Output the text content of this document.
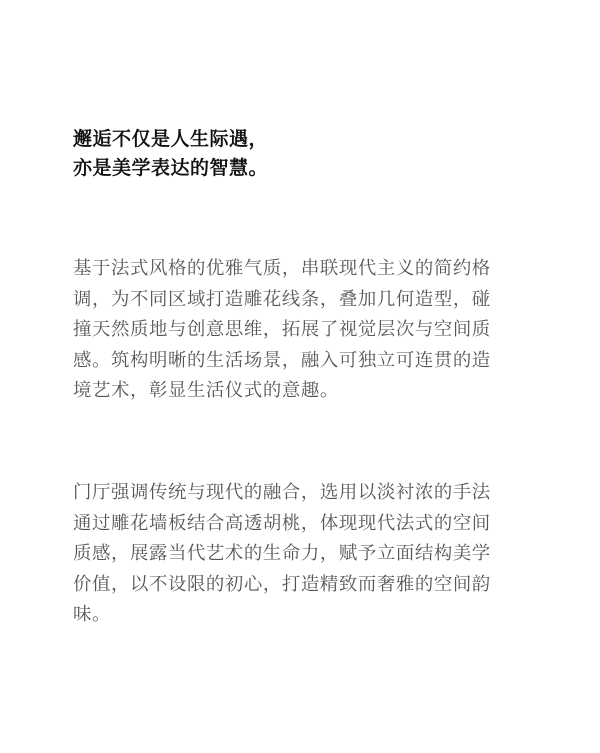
邂逅不仅是人生际遇，
亦是美学表达的智慧。
基于法式风格的优雅气质，串联现代主义的简约格
调，为不同区域打造雕花线条，叠加几何造型，碰
撞天然质地与创意思维，拓展了视觉层次与空间质
感。筑构明晰的生活场景，融入可独立可连贯的造
境艺术，彰显生活仪式的意趣。
门厅强调传统与现代的融合，选用以淡衬浓的手法
通过雕花墙板结合高透胡桃，体现现代法式的空间
质感，展露当代艺术的生命力，赋予立面结构美学
价值，以不设限的初心，打造精致而奢雅的空间韵
味。
